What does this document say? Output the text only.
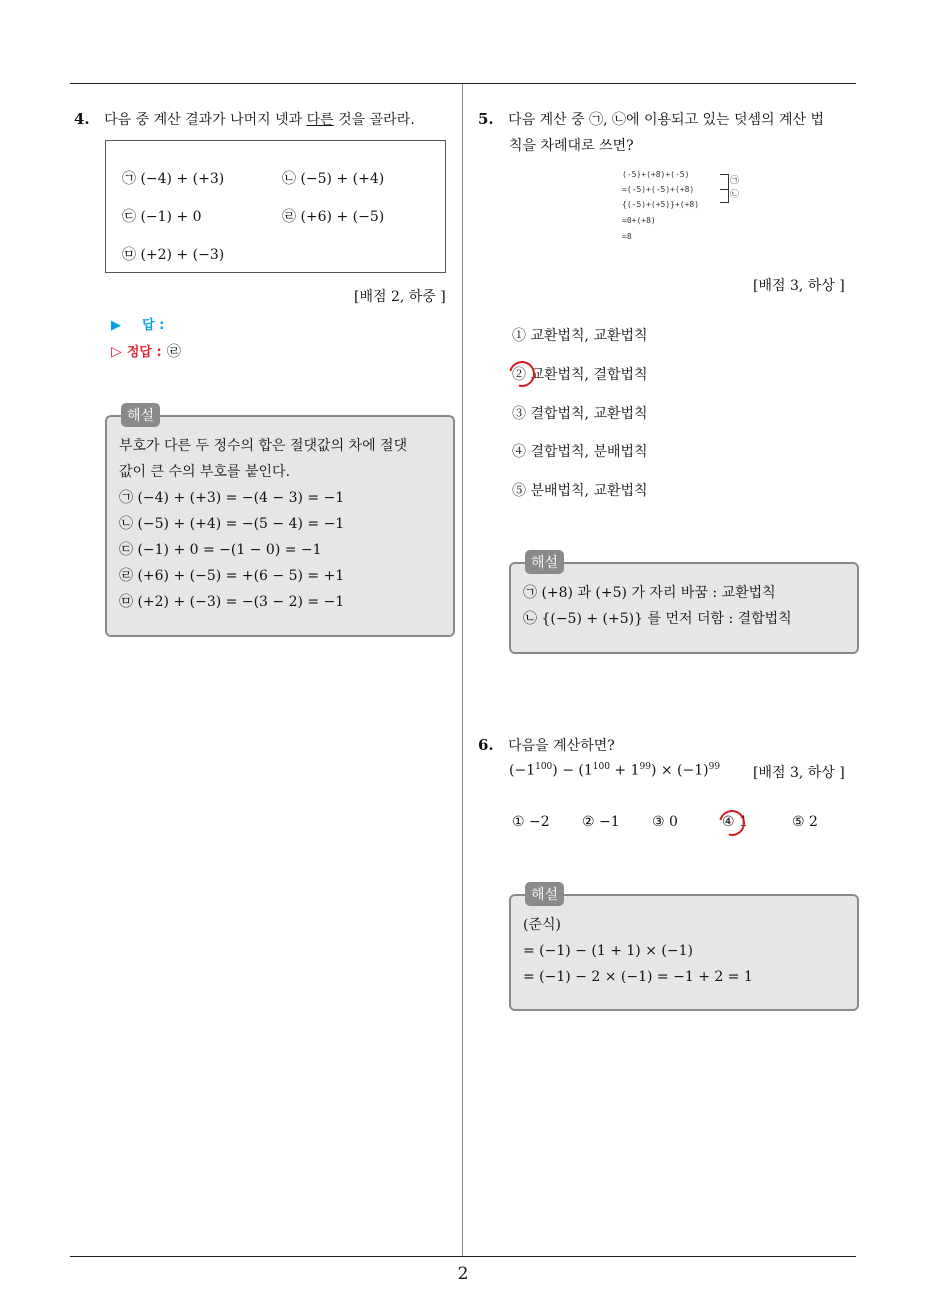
4. 다음 중 계산 결과가 나머지 넷과 다른 것을 골라라.
㉠ (−4) + (+3)	㉡ (−5) + (+4)
㉢ (−1) + 0	㉣ (+6) + (−5)
㉤ (+2) + (−3)
[배점 2, 하중 ]
▶ 답 :
▷ 정답 : ㉣
해설
부호가 다른 두 정수의 합은 절댓값의 차에 절댓
값이 큰 수의 부호를 붙인다.
㉠ (−4) + (+3) = −(4 − 3) = −1
㉡ (−5) + (+4) = −(5 − 4) = −1
㉢ (−1) + 0 = −(1 − 0) = −1
㉣ (+6) + (−5) = +(6 − 5) = +1
㉤ (+2) + (−3) = −(3 − 2) = −1
5. 다음 계산 중 ㉠, ㉡에 이용되고 있는 덧셈의 계산 법
칙을 차례대로 쓰면?
(-5)+(+8)+(-5)
=(-5)+(-5)+(+8)
{(-5)+(+5)}+(+8)
=0+(+8)
=8
㉠
㉡
[배점 3, 하상 ]
① 교환법칙, 교환법칙
② 교환법칙, 결합법칙
③ 결합법칙, 교환법칙
④ 결합법칙, 분배법칙
⑤ 분배법칙, 교환법칙
해설
㉠ (+8) 과 (+5) 가 자리 바꿈 : 교환법칙
㉡ {(−5) + (+5)} 를 먼저 더함 : 결합법칙
6. 다음을 계산하면?
$(-1^{100}) - (1^{100} + 1^{99}) \times (-1)^{99}$ [배점 3, 하상 ]
① −2 ② −1 ③ 0	④ 1	⑤ 2
해설
(준식)
= (−1) − (1 + 1) × (−1)
= (−1) − 2 × (−1) = −1 + 2 = 1
2
